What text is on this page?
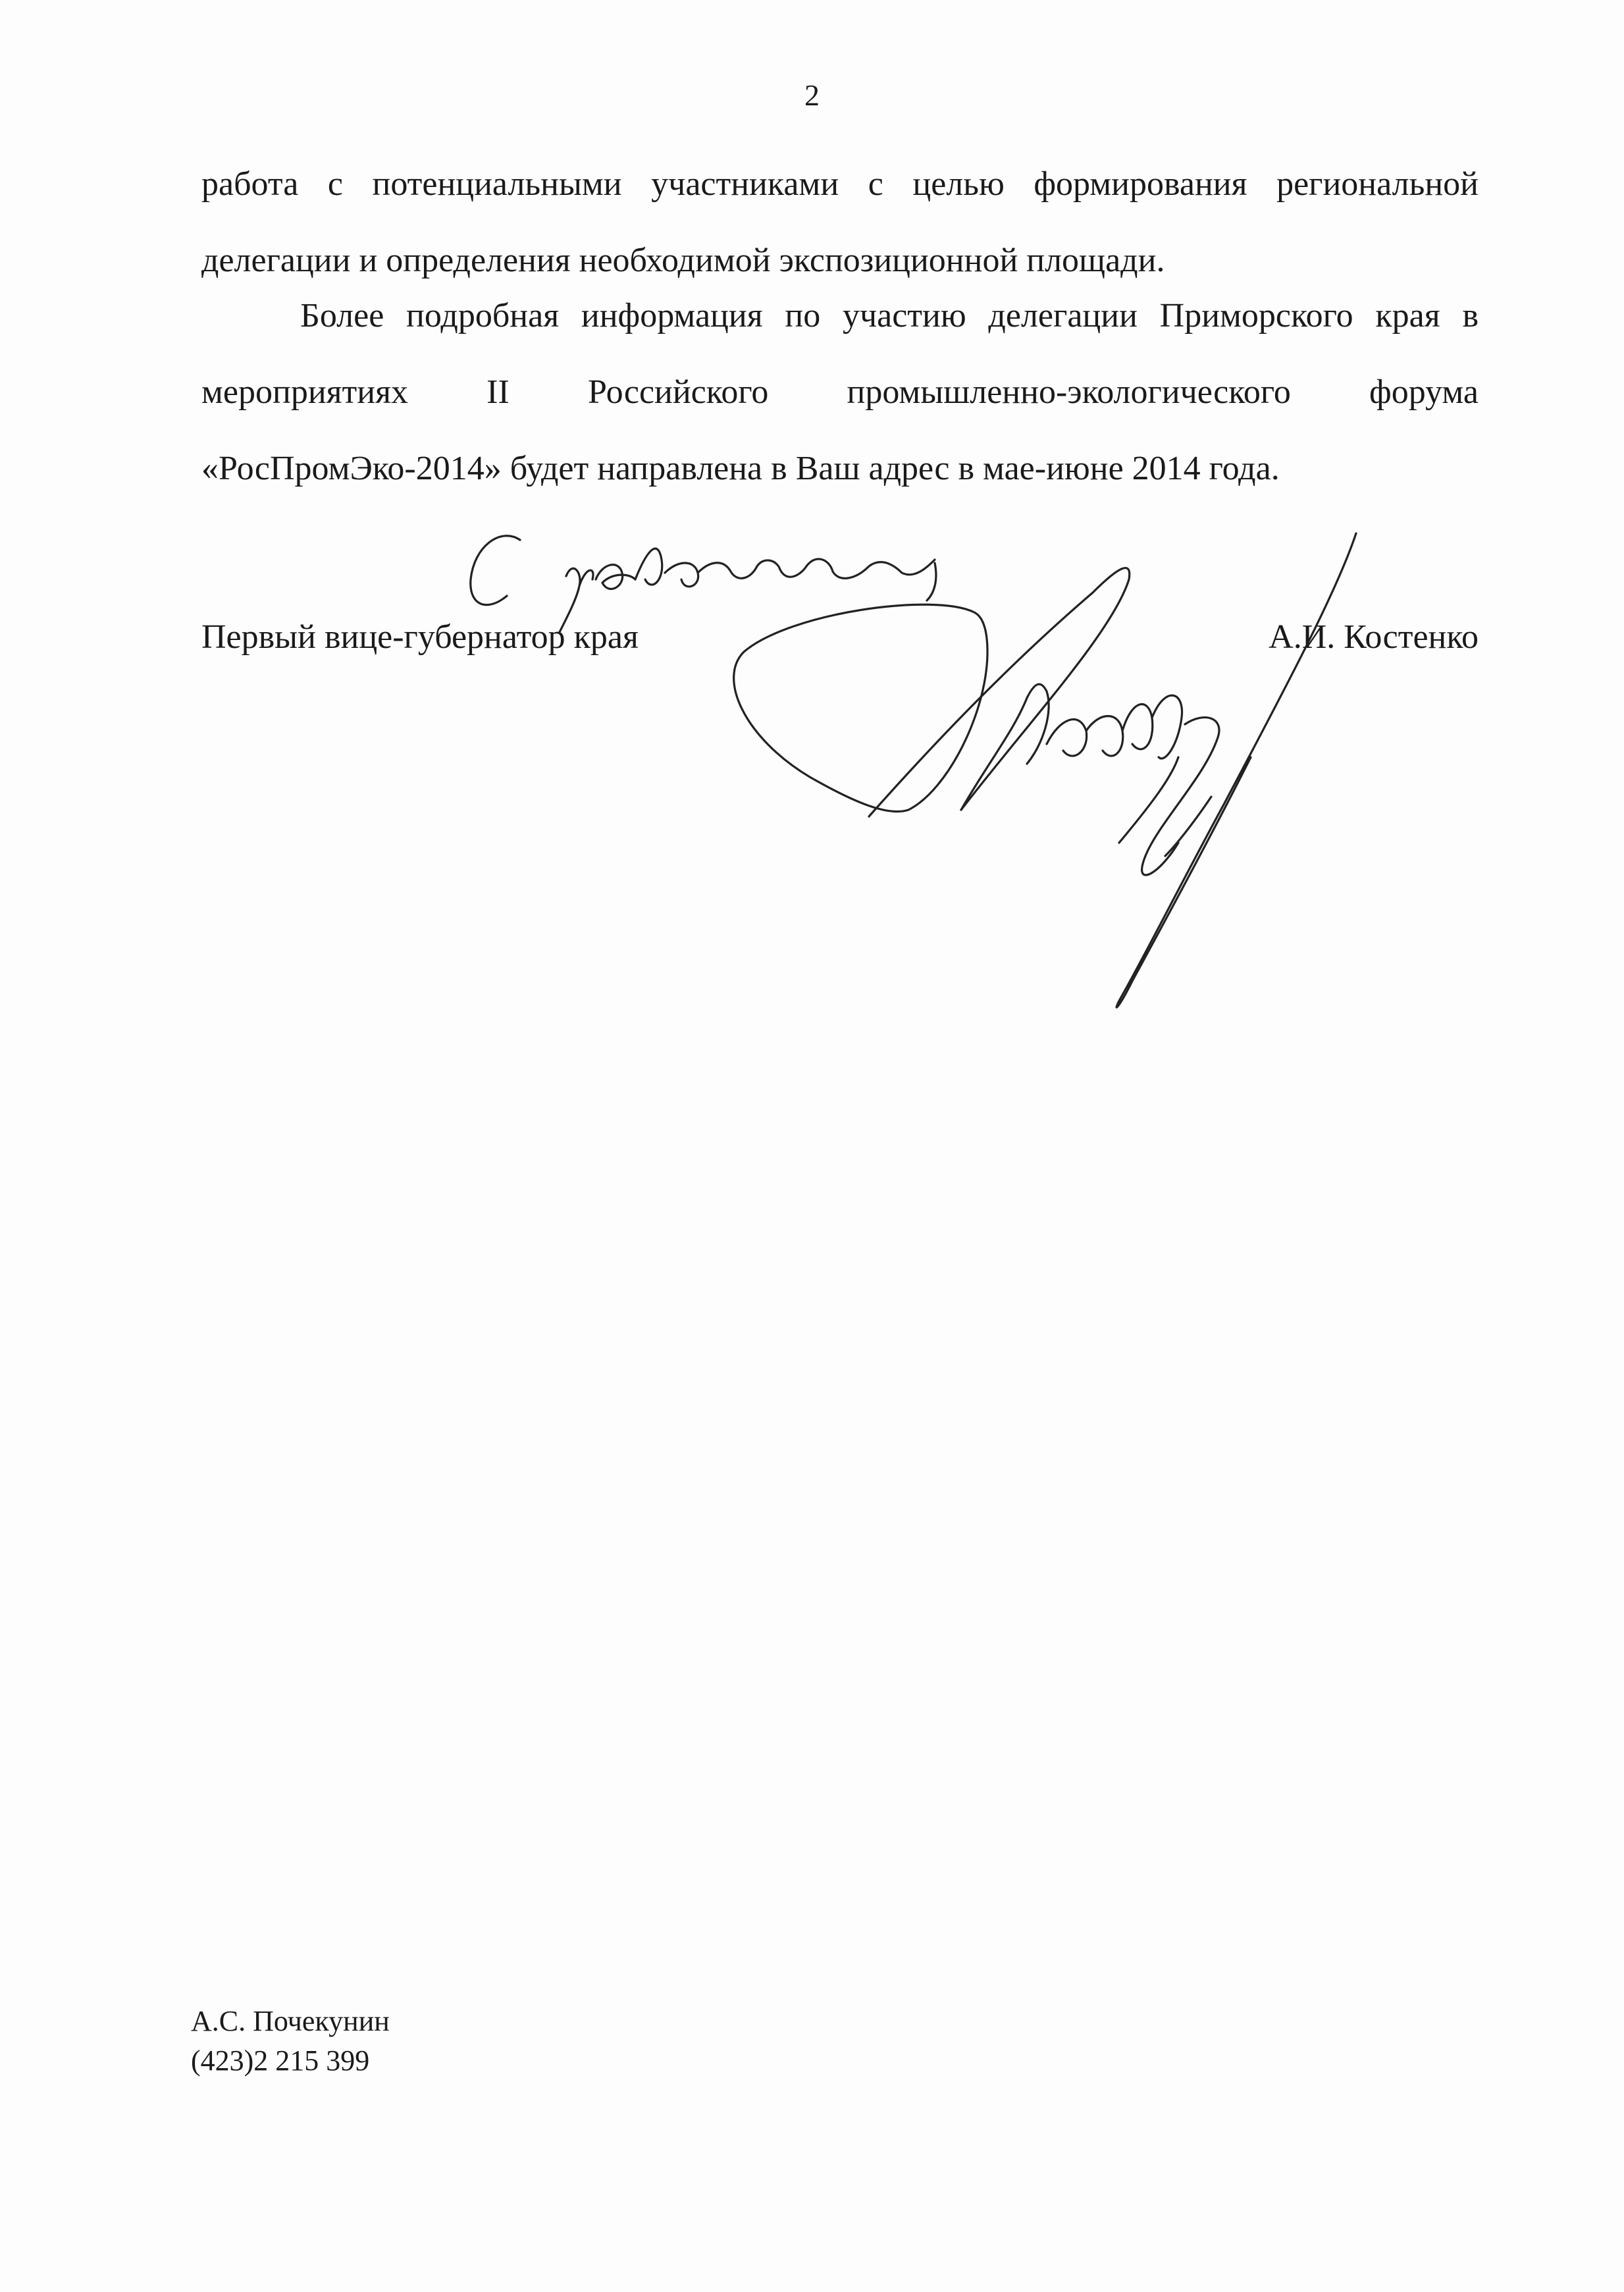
2

работа с потенциальными участниками с целью формирования региональной делегации и определения необходимой экспозиционной площади.

Более подробная информация по участию делегации Приморского края в мероприятиях II Российского промышленно-экологического форума «РосПромЭко-2014» будет направлена в Ваш адрес в мае-июне 2014 года.

Первый вице-губернатор края	А.И. Костенко
А.С. Почекунин
(423)2 215 399
